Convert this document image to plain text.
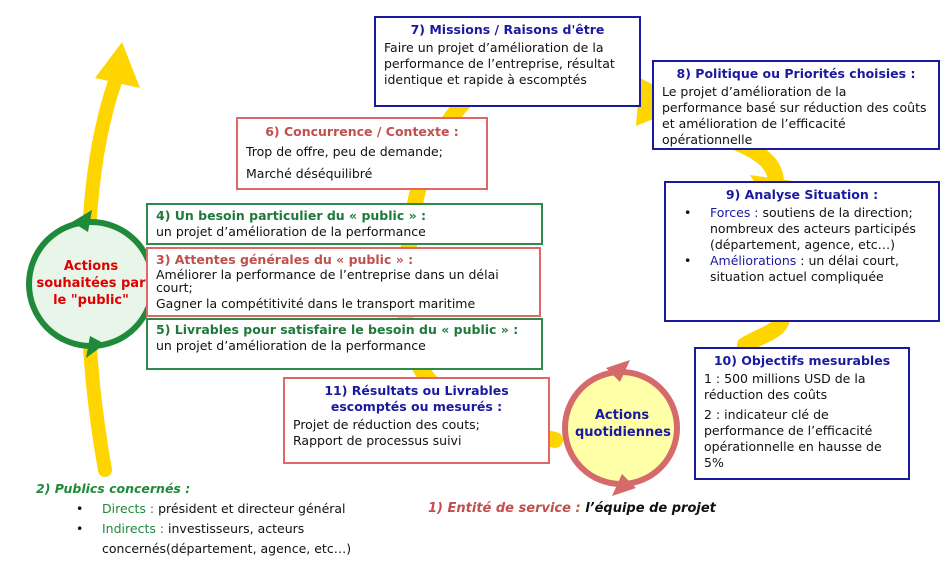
7) Missions / Raisons d'être
Faire un projet d’amélioration de la performance de l’entreprise, résultat identique et rapide à escomptés	8) Politique ou Priorités choisies :
Le projet d’amélioration de la performance basé sur réduction des coûts et amélioration de l’efficacité opérationnelle
6) Concurrence / Contexte :
Trop de offre, peu de demande;
Marché déséquilibré
9) Analyse Situation :
• Forces : soutiens de la direction; nombreux des acteurs participés (département, agence, etc…)
• Améliorations : un délai court, situation actuel compliquée
4) Un besoin particulier du « public » :
un projet d’amélioration de la performance
3) Attentes générales du « public » :
Améliorer la performance de l’entreprise dans un délai court;
Gagner la compétitivité dans le transport maritime
5) Livrables pour satisfaire le besoin du « public » : un projet d’amélioration de la performance
10) Objectifs mesurables
1 : 500 millions USD de la réduction des coûts
2 : indicateur clé de performance de l’efficacité opérationnelle en hausse de 5%
11) Résultats ou Livrables escomptés ou mesurés :
Projet de réduction des couts;
Rapport de processus suivi
Actions souhaitées par le "public"
Actions quotidiennes
2) Publics concernés :
• Directs : président et directeur général
• Indirects : investisseurs, acteurs concernés(département, agence, etc…)
1) Entité de service : l’équipe de projet
